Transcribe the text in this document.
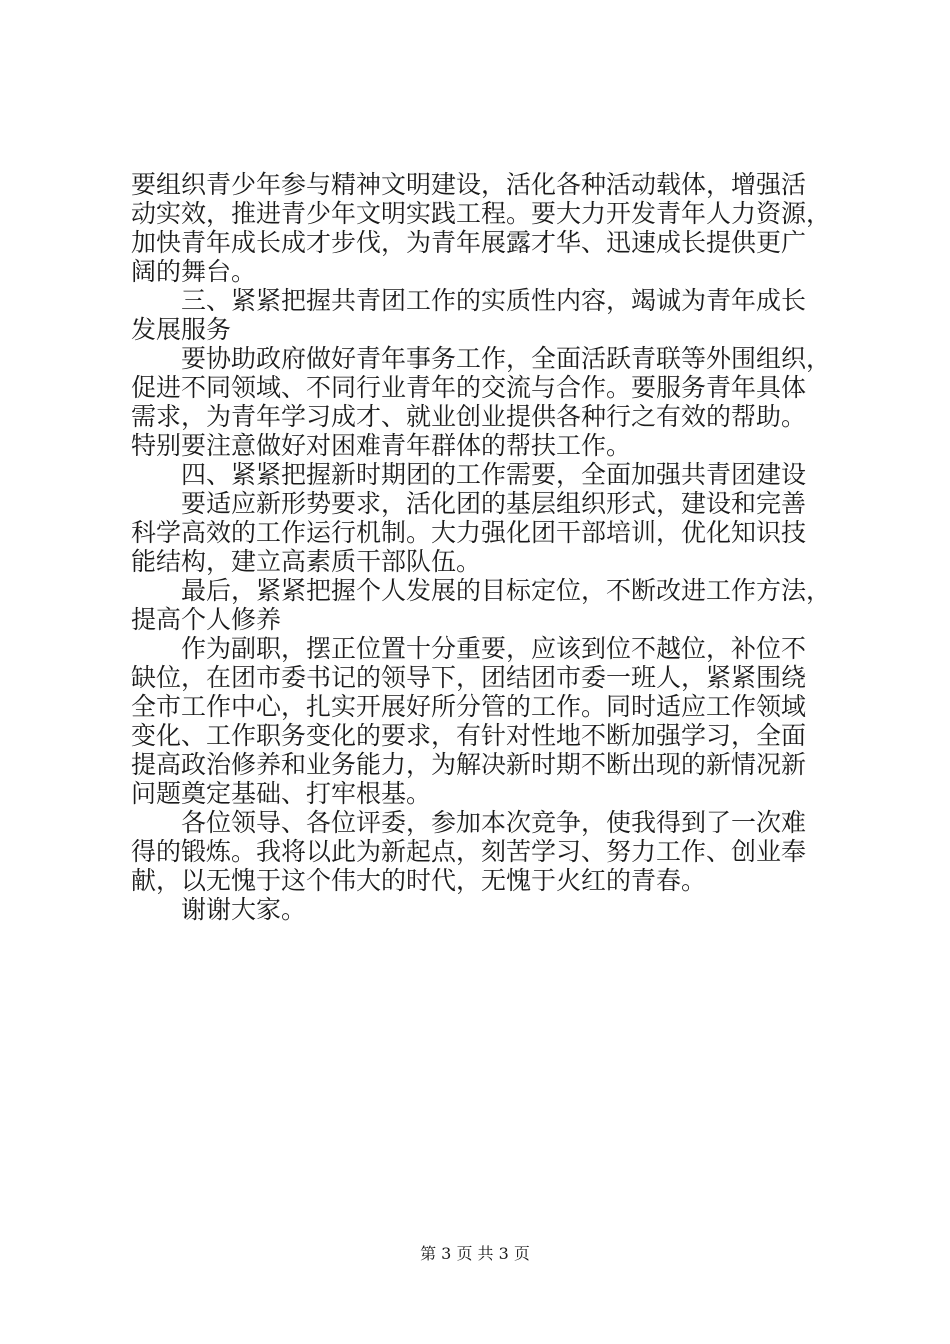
要组织青少年参与精神文明建设，活化各种活动载体，增强活

动实效，推进青少年文明实践工程。要大力开发青年人力资源，

加快青年成长成才步伐，为青年展露才华、迅速成长提供更广

阔的舞台。

三、紧紧把握共青团工作的实质性内容，竭诚为青年成长

发展服务

要协助政府做好青年事务工作，全面活跃青联等外围组织，

促进不同领域、不同行业青年的交流与合作。要服务青年具体

需求，为青年学习成才、就业创业提供各种行之有效的帮助。

特别要注意做好对困难青年群体的帮扶工作。

四、紧紧把握新时期团的工作需要，全面加强共青团建设

要适应新形势要求，活化团的基层组织形式，建设和完善

科学高效的工作运行机制。大力强化团干部培训，优化知识技

能结构，建立高素质干部队伍。

最后，紧紧把握个人发展的目标定位，不断改进工作方法，

提高个人修养

作为副职，摆正位置十分重要，应该到位不越位，补位不

缺位，在团市委书记的领导下，团结团市委一班人，紧紧围绕

全市工作中心，扎实开展好所分管的工作。同时适应工作领域

变化、工作职务变化的要求，有针对性地不断加强学习，全面

提高政治修养和业务能力，为解决新时期不断出现的新情况新

问题奠定基础、打牢根基。

各位领导、各位评委，参加本次竞争，使我得到了一次难

得的锻炼。我将以此为新起点，刻苦学习、努力工作、创业奉

献，以无愧于这个伟大的时代，无愧于火红的青春。

谢谢大家。

第 3 页 共 3 页
